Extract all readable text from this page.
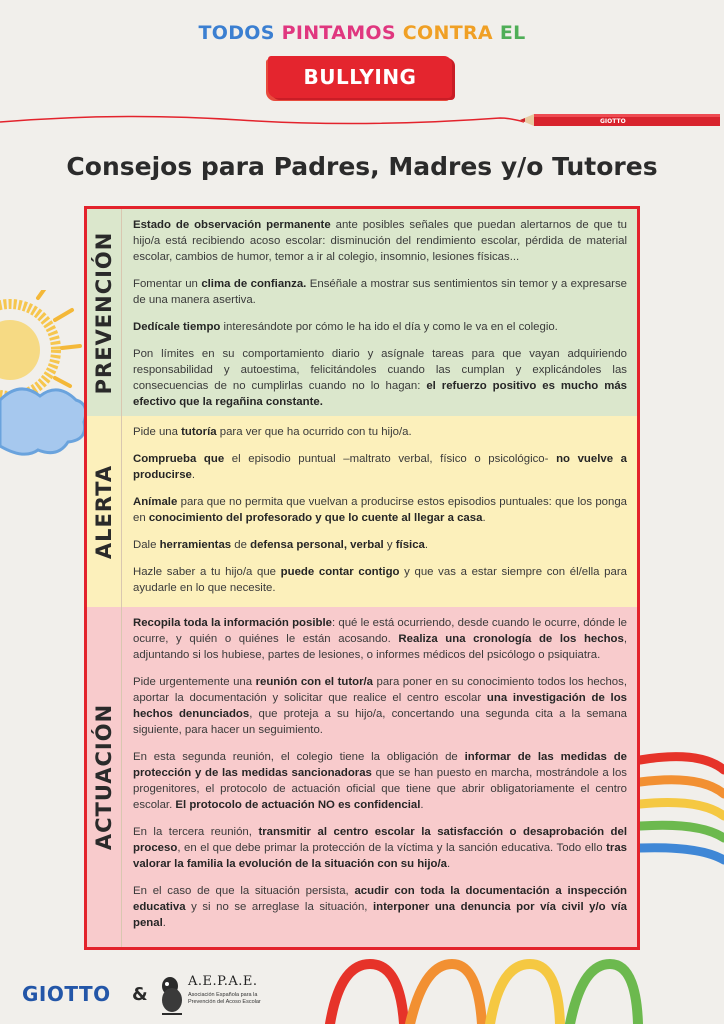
TODOS PINTAMOS CONTRA EL
BULLYING
GIOTTO
Consejos para Padres, Madres y/o Tutores
PREVENCIÓN

Estado de observación permanente ante posibles señales que puedan alertarnos de que tu hijo/a está recibiendo acoso escolar: disminución del rendimiento escolar, pérdida de material escolar, cambios de humor, temor a ir al colegio, insomnio, lesiones físicas...

Fomentar un clima de confianza. Enséñale a mostrar sus sentimientos sin temor y a expresarse de una manera asertiva.

Dedícale tiempo interesándote por cómo le ha ido el día y como le va en el colegio.

Pon límites en su comportamiento diario y asígnale tareas para que vayan adquiriendo responsabilidad y autoestima, felicitándoles cuando las cumplan y explicándoles las consecuencias de no cumplirlas cuando no lo hagan: el refuerzo positivo es mucho más efectivo que la regañina constante.

ALERTA

Pide una tutoría para ver que ha ocurrido con tu hijo/a.

Comprueba que el episodio puntual –maltrato verbal, físico o psicológico- no vuelve a producirse.

Anímale para que no permita que vuelvan a producirse estos episodios puntuales: que los ponga en conocimiento del profesorado y que lo cuente al llegar a casa.

Dale herramientas de defensa personal, verbal y física.

Hazle saber a tu hijo/a que puede contar contigo y que vas a estar siempre con él/ella para ayudarle en lo que necesite.

ACTUACIÓN

Recopila toda la información posible: qué le está ocurriendo, desde cuando le ocurre, dónde le ocurre, y quién o quiénes le están acosando. Realiza una cronología de los hechos, adjuntando si los hubiese, partes de lesiones, o informes médicos del psicólogo o psiquiatra.

Pide urgentemente una reunión con el tutor/a para poner en su conocimiento todos los hechos, aportar la documentación y solicitar que realice el centro escolar una investigación de los hechos denunciados, que proteja a su hijo/a, concertando una segunda cita a la semana siguiente, para hacer un seguimiento.

En esta segunda reunión, el colegio tiene la obligación de informar de las medidas de protección y de las medidas sancionadoras que se han puesto en marcha, mostrándole a los progenitores, el protocolo de actuación oficial que tiene que abrir obligatoriamente el centro escolar. El protocolo de actuación NO es confidencial.

En la tercera reunión, transmitir al centro escolar la satisfacción o desaprobación del proceso, en el que debe primar la protección de la víctima y la sanción educativa. Todo ello tras valorar la familia la evolución de la situación con su hijo/a.

En el caso de que la situación persista, acudir con toda la documentación a inspección educativa y si no se arreglase la situación, interponer una denuncia por vía civil y/o vía penal.

GIOTTO &
A.E.P.A.E.
Asociación Española para la Prevención del Acoso Escolar
